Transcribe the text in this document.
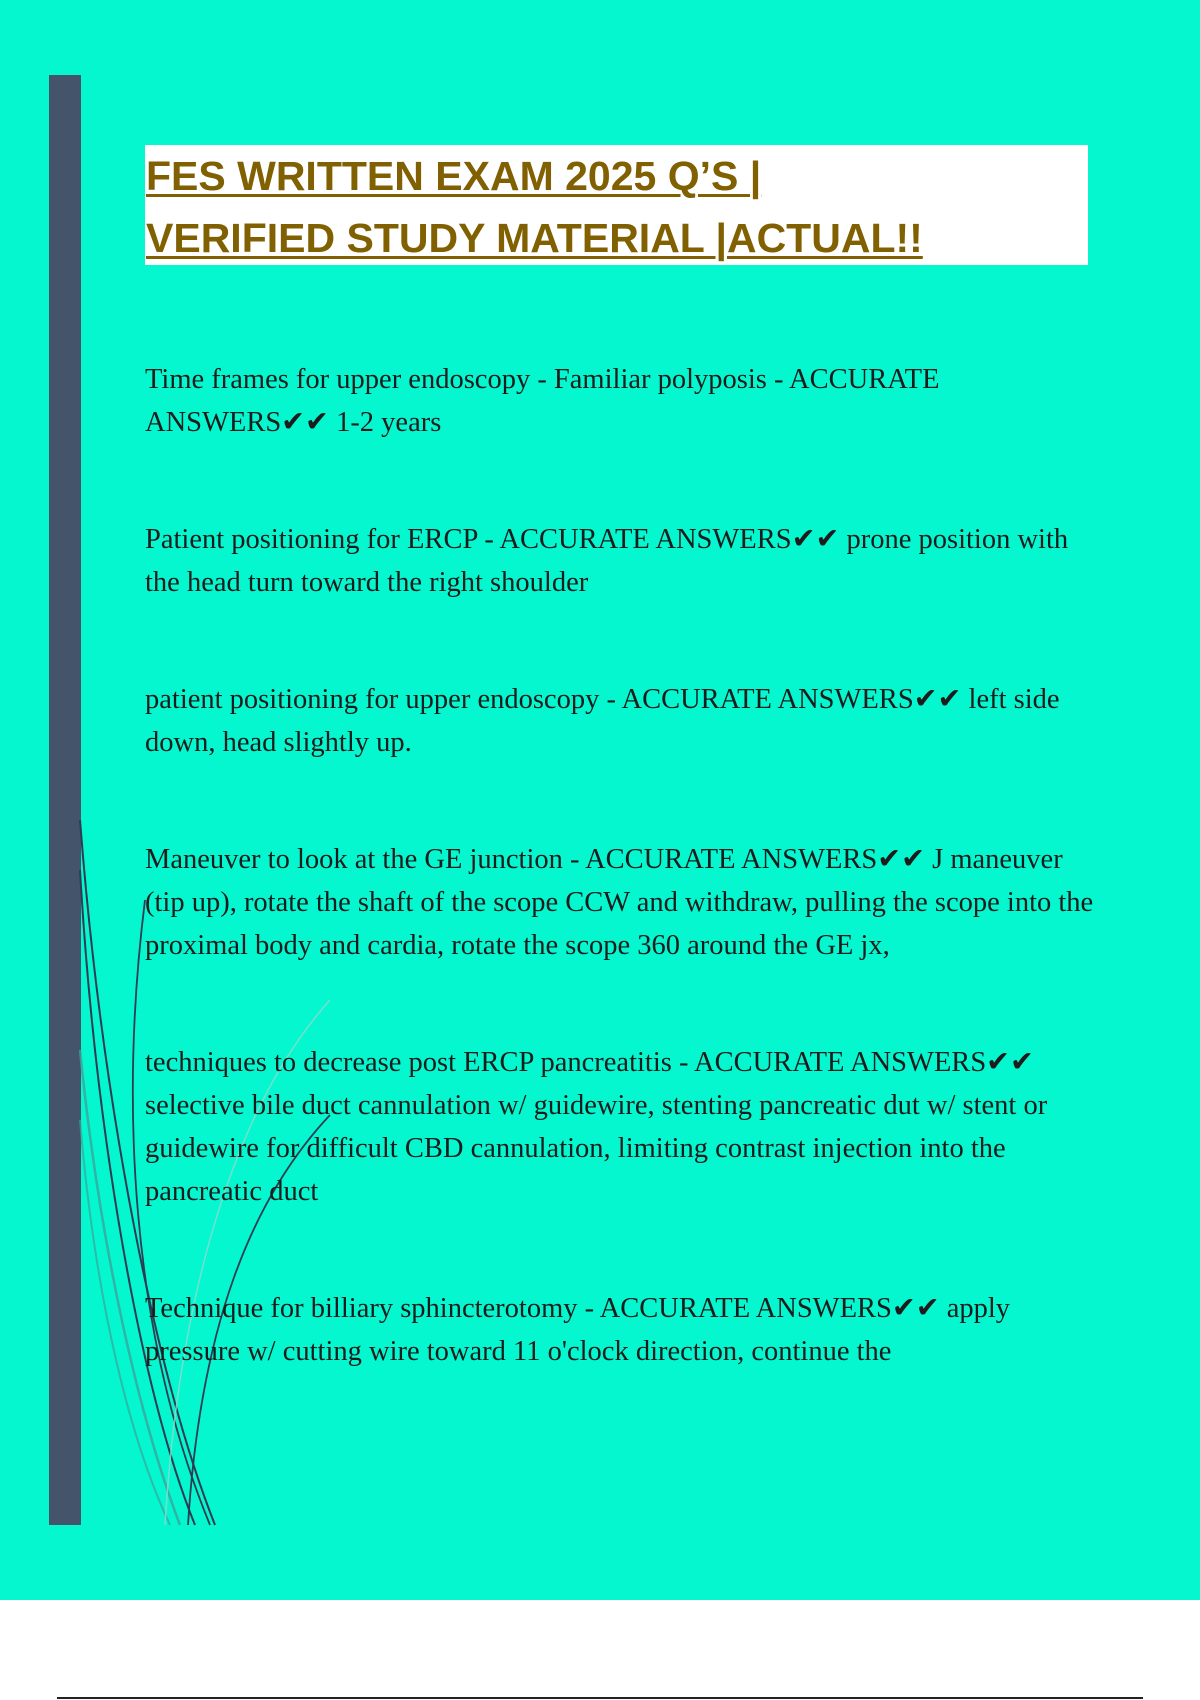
FES WRITTEN EXAM 2025 Q’S |
VERIFIED STUDY MATERIAL |ACTUAL!!

Time frames for upper endoscopy - Familiar polyposis - ACCURATE ANSWERS✔✔ 1-2 years

Patient positioning for ERCP - ACCURATE ANSWERS✔✔ prone position with the head turn toward the right shoulder

patient positioning for upper endoscopy - ACCURATE ANSWERS✔✔ left side down, head slightly up.

Maneuver to look at the GE junction - ACCURATE ANSWERS✔✔ J maneuver (tip up), rotate the shaft of the scope CCW and withdraw, pulling the scope into the proximal body and cardia, rotate the scope 360 around the GE jx,

techniques to decrease post ERCP pancreatitis - ACCURATE ANSWERS✔✔ selective bile duct cannulation w/ guidewire, stenting pancreatic dut w/ stent or guidewire for difficult CBD cannulation, limiting contrast injection into the pancreatic duct

Technique for billiary sphincterotomy - ACCURATE ANSWERS✔✔ apply pressure w/ cutting wire toward 11 o'clock direction, continue the
